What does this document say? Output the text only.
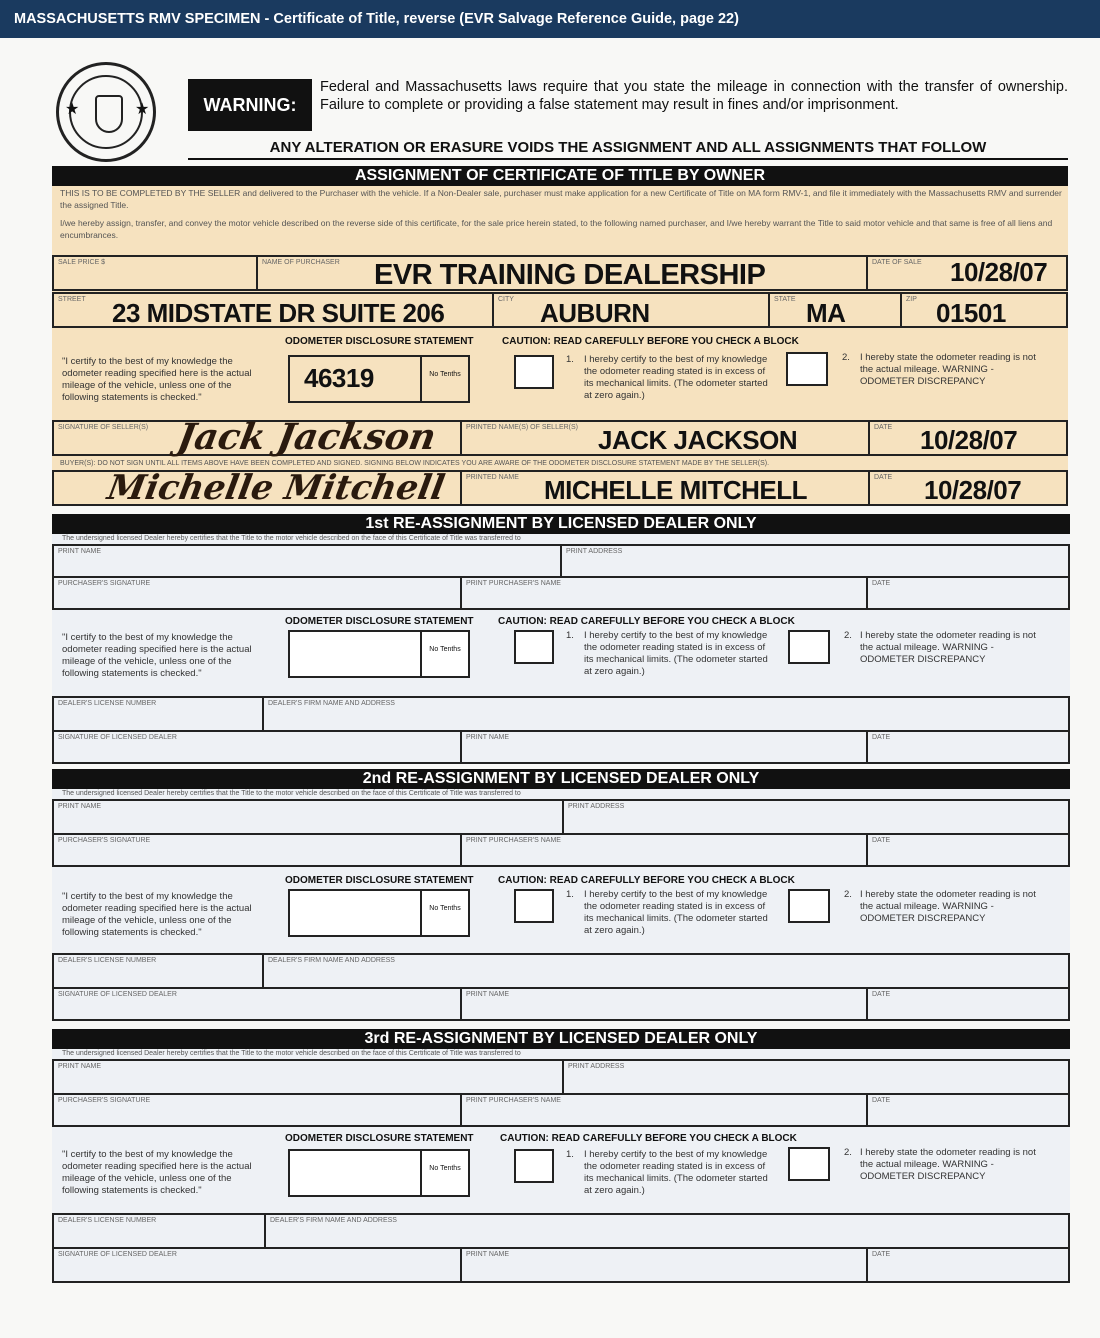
MASSACHUSETTS RMV SPECIMEN - Certificate of Title, reverse (EVR Salvage Reference Guide, page 22)
★	★	WARNING:
Federal and Massachusetts laws require that you state the mileage in connection with the transfer of ownership. Failure to complete or providing a false statement may result in fines and/or imprisonment.
ANY ALTERATION OR ERASURE VOIDS THE ASSIGNMENT AND ALL ASSIGNMENTS THAT FOLLOW
ASSIGNMENT OF CERTIFICATE OF TITLE BY OWNER
THIS IS TO BE COMPLETED BY THE SELLER and delivered to the Purchaser with the vehicle. If a Non-Dealer sale, purchaser must make application for a new Certificate of Title on MA form RMV-1, and file it immediately with the Massachusetts RMV and surrender the assigned Title.
I/we hereby assign, transfer, and convey the motor vehicle described on the reverse side of this certificate, for the sale price herein stated, to the following named purchaser, and I/we hereby warrant the Title to said motor vehicle and that same is free of all liens and encumbrances.
SALE PRICE $	NAME OF PURCHASER EVR TRAINING DEALERSHIP	DATE OF SALE 10/28/07
STREET 23 MIDSTATE DR SUITE 206	CITY AUBURN	STATE MA	ZIP 01501
ODOMETER DISCLOSURE STATEMENT	CAUTION: READ CAREFULLY BEFORE YOU CHECK A BLOCK
"I certify to the best of my knowledge the odometer reading specified here is the actual mileage of the vehicle, unless one of the following statements is checked."
46319	No Tenths
1. I hereby certify to the best of my knowledge the odometer reading stated is in excess of its mechanical limits. (The odometer started at zero again.)
2. I hereby state the odometer reading is not the actual mileage. WARNING - ODOMETER DISCREPANCY
SIGNATURE OF SELLER(S) Jack Jackson	PRINTED NAME(S) OF SELLER(S) JACK JACKSON	DATE 10/28/07
BUYER(S): DO NOT SIGN UNTIL ALL ITEMS ABOVE HAVE BEEN COMPLETED AND SIGNED. SIGNING BELOW INDICATES YOU ARE AWARE OF THE ODOMETER DISCLOSURE STATEMENT MADE BY THE SELLER(S).
Michelle Mitchell	PRINTED NAME MICHELLE MITCHELL	DATE 10/28/07
1st RE-ASSIGNMENT BY LICENSED DEALER ONLY
The undersigned licensed Dealer hereby certifies that the Title to the motor vehicle described on the face of this Certificate of Title was transferred to
PRINT NAME	PRINT ADDRESS
PURCHASER'S SIGNATURE	PRINT PURCHASER'S NAME	DATE
ODOMETER DISCLOSURE STATEMENT CAUTION: READ CAREFULLY BEFORE YOU CHECK A BLOCK
"I certify to the best of my knowledge the odometer reading specified here is the actual mileage of the vehicle, unless one of the following statements is checked."
No Tenths
1. I hereby certify to the best of my knowledge the odometer reading stated is in excess of its mechanical limits. (The odometer started at zero again.)
2. I hereby state the odometer reading is not the actual mileage. WARNING - ODOMETER DISCREPANCY
DEALER'S LICENSE NUMBER	DEALER'S FIRM NAME AND ADDRESS
SIGNATURE OF LICENSED DEALER	PRINT NAME	DATE
2nd RE-ASSIGNMENT BY LICENSED DEALER ONLY
The undersigned licensed Dealer hereby certifies that the Title to the motor vehicle described on the face of this Certificate of Title was transferred to
PRINT NAME	PRINT ADDRESS
PURCHASER'S SIGNATURE	PRINT PURCHASER'S NAME	DATE
ODOMETER DISCLOSURE STATEMENT CAUTION: READ CAREFULLY BEFORE YOU CHECK A BLOCK
"I certify to the best of my knowledge the odometer reading specified here is the actual mileage of the vehicle, unless one of the following statements is checked."
No Tenths
1. I hereby certify to the best of my knowledge the odometer reading stated is in excess of its mechanical limits. (The odometer started at zero again.)
2. I hereby state the odometer reading is not the actual mileage. WARNING - ODOMETER DISCREPANCY
DEALER'S LICENSE NUMBER	DEALER'S FIRM NAME AND ADDRESS
SIGNATURE OF LICENSED DEALER	PRINT NAME	DATE
3rd RE-ASSIGNMENT BY LICENSED DEALER ONLY
The undersigned licensed Dealer hereby certifies that the Title to the motor vehicle described on the face of this Certificate of Title was transferred to
PRINT NAME	PRINT ADDRESS
PURCHASER'S SIGNATURE	PRINT PURCHASER'S NAME	DATE
ODOMETER DISCLOSURE STATEMENT	CAUTION: READ CAREFULLY BEFORE YOU CHECK A BLOCK
"I certify to the best of my knowledge the odometer reading specified here is the actual mileage of the vehicle, unless one of the following statements is checked."
No Tenths
1. I hereby certify to the best of my knowledge the odometer reading stated is in excess of its mechanical limits. (The odometer started at zero again.)
2. I hereby state the odometer reading is not the actual mileage. WARNING - ODOMETER DISCREPANCY
DEALER'S LICENSE NUMBER	DEALER'S FIRM NAME AND ADDRESS
SIGNATURE OF LICENSED DEALER	PRINT NAME	DATE
